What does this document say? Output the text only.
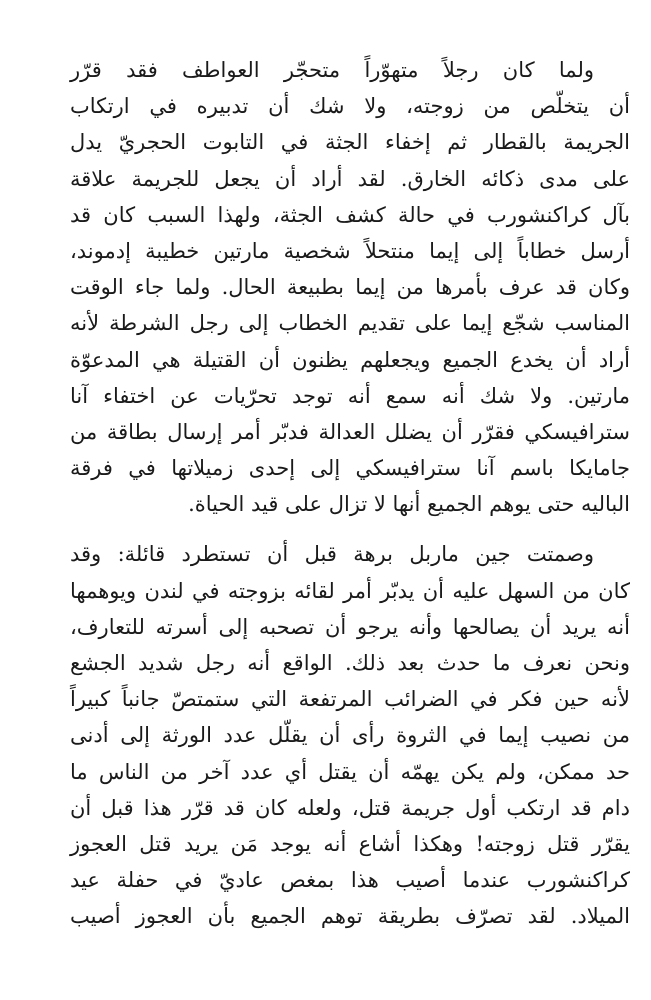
ولما كان رجلاً متهوّراً متحجّر العواطف فقد قرّر
أن يتخلّص من زوجته، ولا شك أن تدبيره في ارتكاب
الجريمة بالقطار ثم إخفاء الجثة في التابوت الحجريّ يدل
على مدى ذكائه الخارق. لقد أراد أن يجعل للجريمة علاقة
بآل كراكنشورب في حالة كشف الجثة، ولهذا السبب كان قد
أرسل خطاباً إلى إيما منتحلاً شخصية مارتين خطيبة إدموند،
وكان قد عرف بأمرها من إيما بطبيعة الحال. ولما جاء الوقت
المناسب شجّع إيما على تقديم الخطاب إلى رجل الشرطة لأنه
أراد أن يخدع الجميع ويجعلهم يظنون أن القتيلة هي المدعوّة
مارتين. ولا شك أنه سمع أنه توجد تحرّيات عن اختفاء آنا
سترافيسكي فقرّر أن يضلل العدالة فدبّر أمر إرسال بطاقة من
جامايكا باسم آنا سترافيسكي إلى إحدى زميلاتها في فرقة
الباليه حتى يوهم الجميع أنها لا تزال على قيد الحياة.
وصمتت جين ماربل برهة قبل أن تستطرد قائلة: وقد
كان من السهل عليه أن يدبّر أمر لقائه بزوجته في لندن ويوهمها
أنه يريد أن يصالحها وأنه يرجو أن تصحبه إلى أسرته للتعارف،
ونحن نعرف ما حدث بعد ذلك. الواقع أنه رجل شديد الجشع
لأنه حين فكر في الضرائب المرتفعة التي ستمتصّ جانباً كبيراً
من نصيب إيما في الثروة رأى أن يقلّل عدد الورثة إلى أدنى
حد ممكن، ولم يكن يهمّه أن يقتل أي عدد آخر من الناس ما
دام قد ارتكب أول جريمة قتل، ولعله كان قد قرّر هذا قبل أن
يقرّر قتل زوجته! وهكذا أشاع أنه يوجد مَن يريد قتل العجوز
كراكنشورب عندما أصيب هذا بمغص عاديّ في حفلة عيد
الميلاد. لقد تصرّف بطريقة توهم الجميع بأن العجوز أصيب
